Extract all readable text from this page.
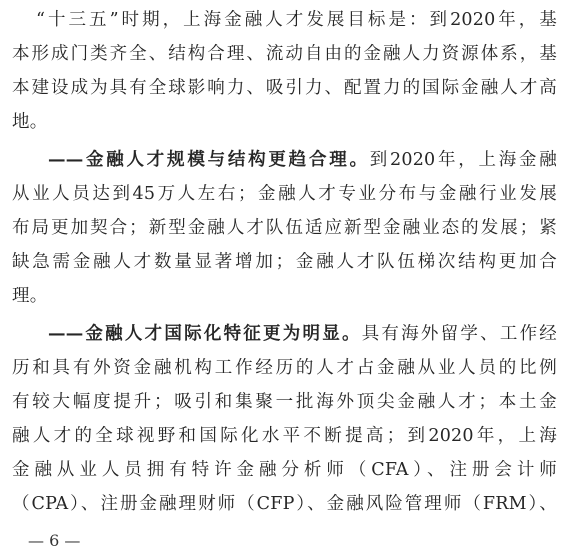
“十三五”时期，上海金融人才发展目标是：到2020年，基
本形成门类齐全、结构合理、流动自由的金融人力资源体系，基
本建设成为具有全球影响力、吸引力、配置力的国际金融人才高
地。
——金融人才规模与结构更趋合理。到2020年，上海金融
从业人员达到45万人左右；金融人才专业分布与金融行业发展
布局更加契合；新型金融人才队伍适应新型金融业态的发展；紧
缺急需金融人才数量显著增加；金融人才队伍梯次结构更加合
理。
——金融人才国际化特征更为明显。具有海外留学、工作经
历和具有外资金融机构工作经历的人才占金融从业人员的比例
有较大幅度提升；吸引和集聚一批海外顶尖金融人才；本土金
融人才的全球视野和国际化水平不断提高；到2020年，上海
金融从业人员拥有特许金融分析师（CFA）、注册会计师
（CPA）、注册金融理财师（CFP）、金融风险管理师（FRM）、
— 6 —
